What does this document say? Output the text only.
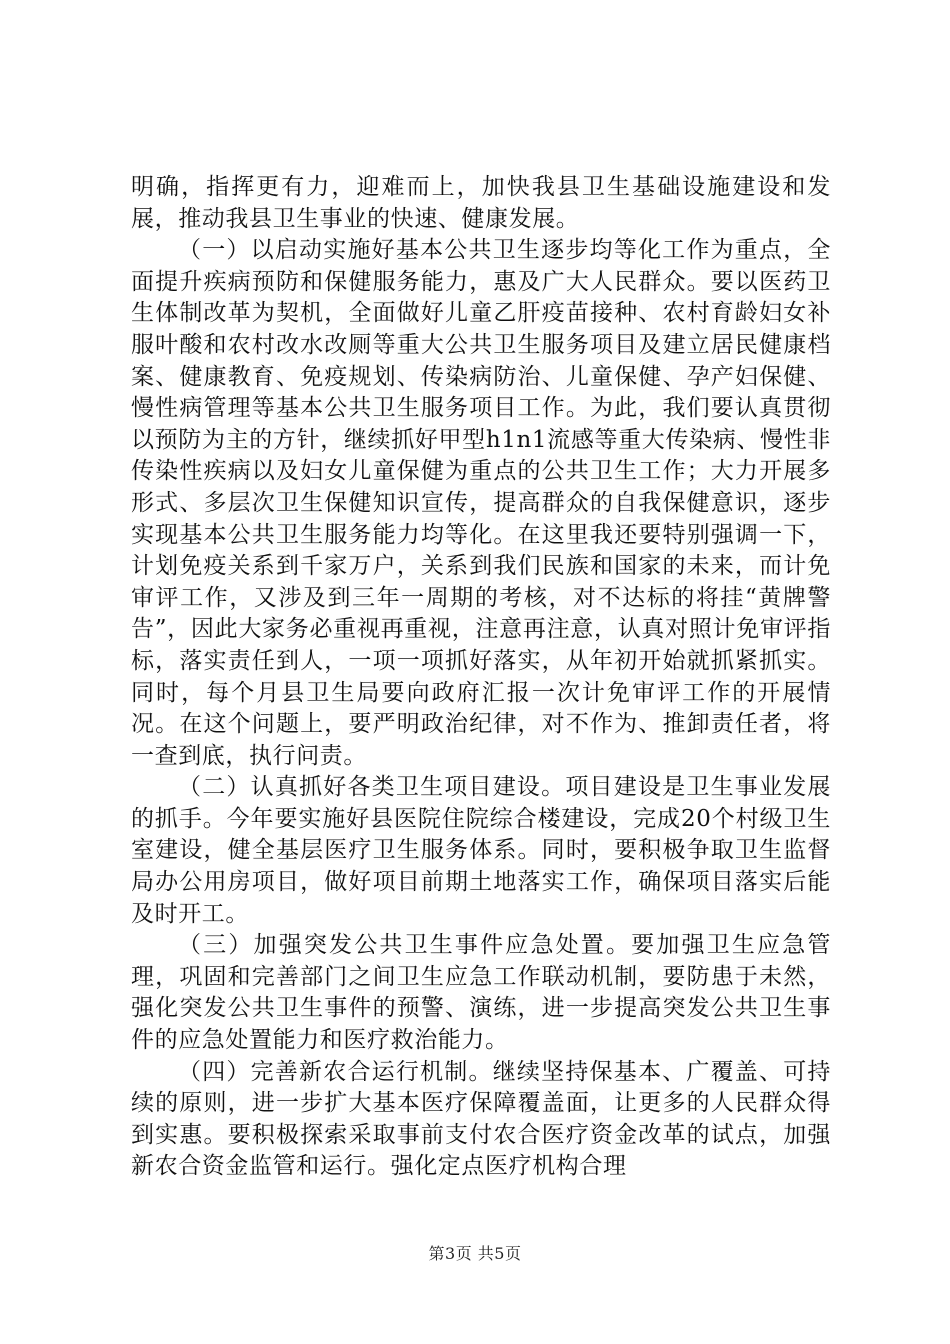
明确，指挥更有力，迎难而上，加快我县卫生基础设施建设和发展，推动我县卫生事业的快速、健康发展。

（一）以启动实施好基本公共卫生逐步均等化工作为重点，全面提升疾病预防和保健服务能力，惠及广大人民群众。要以医药卫生体制改革为契机，全面做好儿童乙肝疫苗接种、农村育龄妇女补服叶酸和农村改水改厕等重大公共卫生服务项目及建立居民健康档案、健康教育、免疫规划、传染病防治、儿童保健、孕产妇保健、慢性病管理等基本公共卫生服务项目工作。为此，我们要认真贯彻以预防为主的方针，继续抓好甲型h1n1流感等重大传染病、慢性非传染性疾病以及妇女儿童保健为重点的公共卫生工作；大力开展多形式、多层次卫生保健知识宣传，提高群众的自我保健意识，逐步实现基本公共卫生服务能力均等化。在这里我还要特别强调一下，计划免疫关系到千家万户，关系到我们民族和国家的未来，而计免审评工作，又涉及到三年一周期的考核，对不达标的将挂“黄牌警告”，因此大家务必重视再重视，注意再注意，认真对照计免审评指标，落实责任到人，一项一项抓好落实，从年初开始就抓紧抓实。同时，每个月县卫生局要向政府汇报一次计免审评工作的开展情况。在这个问题上，要严明政治纪律，对不作为、推卸责任者，将一查到底，执行问责。

（二）认真抓好各类卫生项目建设。项目建设是卫生事业发展的抓手。今年要实施好县医院住院综合楼建设，完成20个村级卫生室建设，健全基层医疗卫生服务体系。同时，要积极争取卫生监督局办公用房项目，做好项目前期土地落实工作，确保项目落实后能及时开工。

（三）加强突发公共卫生事件应急处置。要加强卫生应急管理，巩固和完善部门之间卫生应急工作联动机制，要防患于未然，强化突发公共卫生事件的预警、演练，进一步提高突发公共卫生事件的应急处置能力和医疗救治能力。

（四）完善新农合运行机制。继续坚持保基本、广覆盖、可持续的原则，进一步扩大基本医疗保障覆盖面，让更多的人民群众得到实惠。要积极探索采取事前支付农合医疗资金改革的试点，加强新农合资金监管和运行。强化定点医疗机构合理

第3页 共5页
